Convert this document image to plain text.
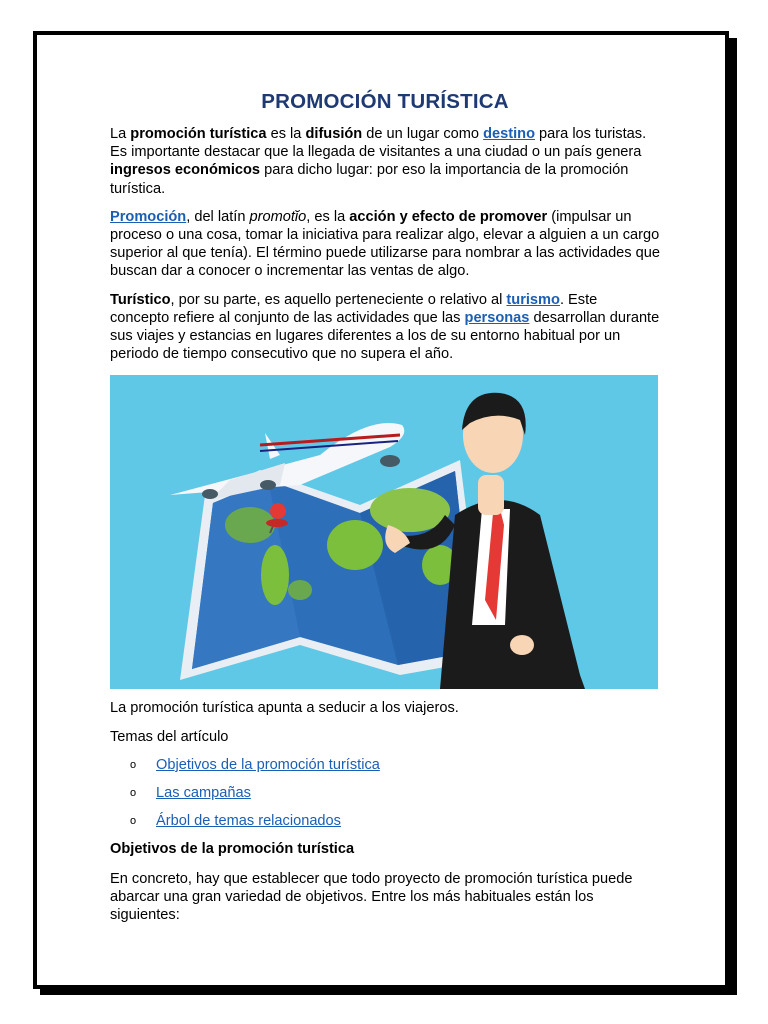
PROMOCIÓN TURÍSTICA

La promoción turística es la difusión de un lugar como destino para los turistas. Es importante destacar que la llegada de visitantes a una ciudad o un país genera ingresos económicos para dicho lugar: por eso la importancia de la promoción turística.

Promoción, del latín promotĭo, es la acción y efecto de promover (impulsar un proceso o una cosa, tomar la iniciativa para realizar algo, elevar a alguien a un cargo superior al que tenía). El término puede utilizarse para nombrar a las actividades que buscan dar a conocer o incrementar las ventas de algo.

Turístico, por su parte, es aquello perteneciente o relativo al turismo. Este concepto refiere al conjunto de las actividades que las personas desarrollan durante sus viajes y estancias en lugares diferentes a los de su entorno habitual por un periodo de tiempo consecutivo que no supera el año.

La promoción turística apunta a seducir a los viajeros.

Temas del artículo

o	Objetivos de la promoción turística
o	Las campañas
o	Árbol de temas relacionados

Objetivos de la promoción turística

En concreto, hay que establecer que todo proyecto de promoción turística puede abarcar una gran variedad de objetivos. Entre los más habituales están los siguientes:
